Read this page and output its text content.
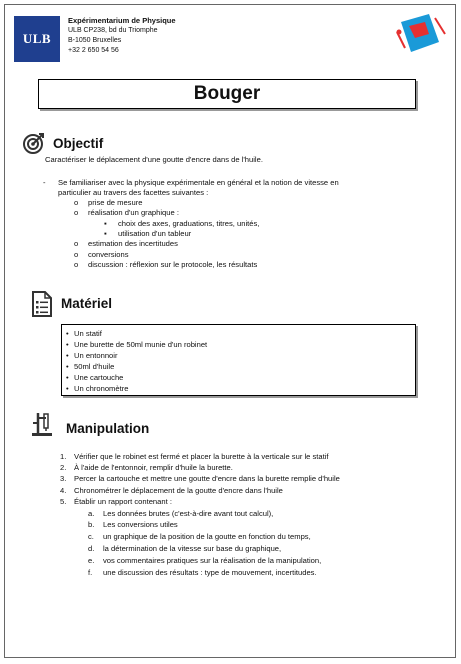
ULB
Expérimentarium de Physique
ULB CP238, bd du Triomphe
B-1050 Bruxelles
+32 2 650 54 56
Bouger
Objectif
Caractériser le déplacement d'une goutte d'encre dans de l'huile.
- Se familiariser avec la physique expérimentale en général et la notion de vitesse en
particulier au travers des facettes suivantes :
o prise de mesure
o réalisation d'un graphique :
▪ choix des axes, graduations, titres, unités,
▪ utilisation d'un tableur
o estimation des incertitudes
o conversions
o discussion : réflexion sur le protocole, les résultats
Matériel
• Un statif
• Une burette de 50ml munie d'un robinet
• Un entonnoir
• 50ml d'huile
• Une cartouche
• Un chronomètre
Manipulation
1. Vérifier que le robinet est fermé et placer la burette à la verticale sur le statif
2. À l'aide de l'entonnoir, remplir d'huile la burette.
3. Percer la cartouche et mettre une goutte d'encre dans la burette remplie d'huile
4. Chronométrer le déplacement de la goutte d'encre dans l'huile
5. Établir un rapport contenant :
a. Les données brutes (c'est-à-dire avant tout calcul),
b. Les conversions utiles
c. un graphique de la position de la goutte en fonction du temps,
d. la détermination de la vitesse sur base du graphique,
e. vos commentaires pratiques sur la réalisation de la manipulation,
f. une discussion des résultats : type de mouvement, incertitudes.
